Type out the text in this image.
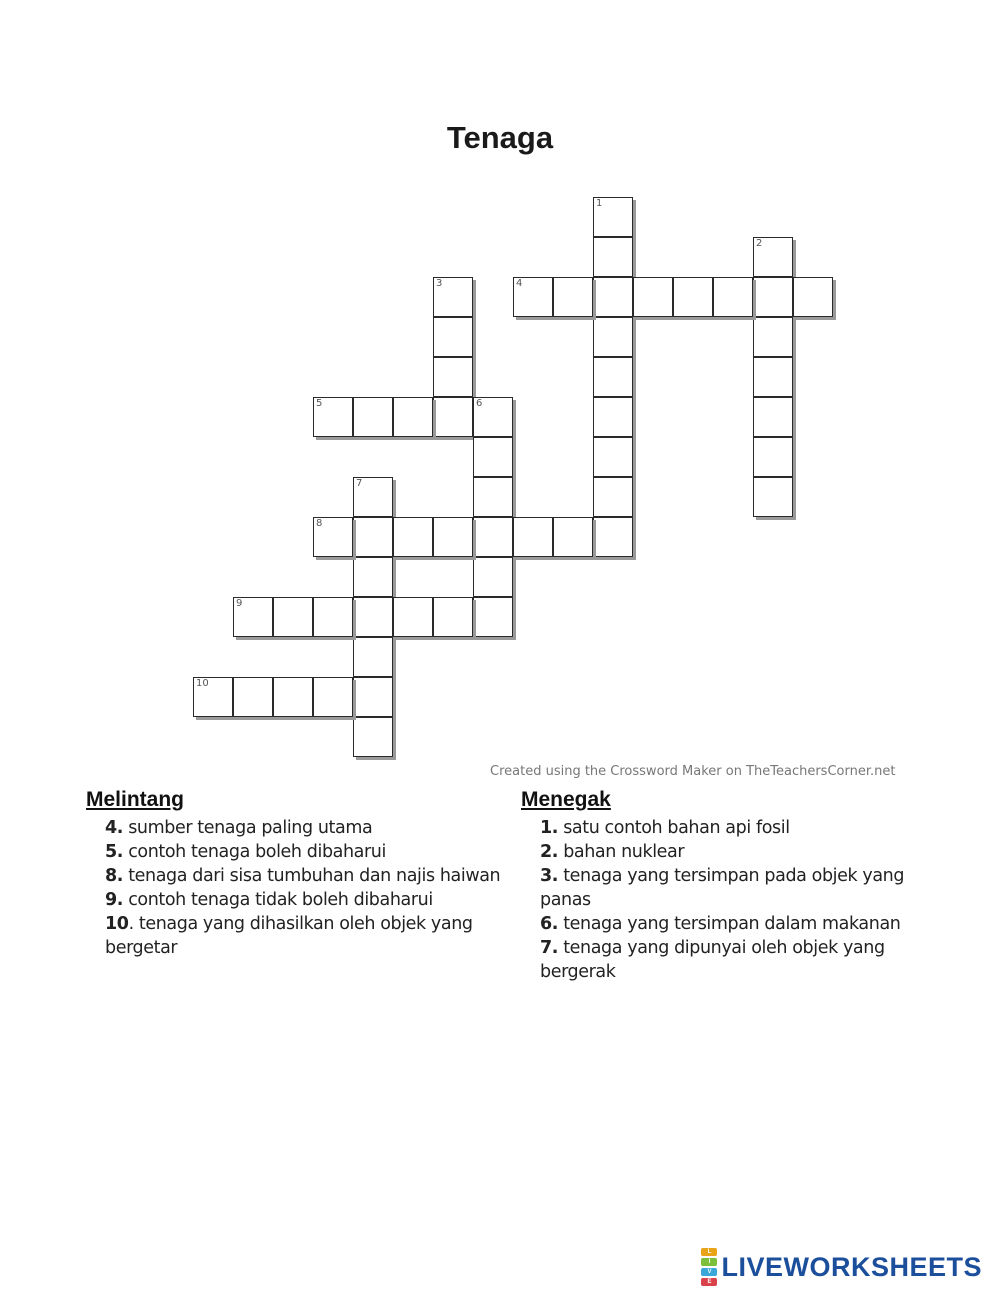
Tenaga
1
2
3	4
5	6
7
8
9
10
Created using the Crossword Maker on TheTeachersCorner.net
Melintang
4. sumber tenaga paling utama
5. contoh tenaga boleh dibaharui
8. tenaga dari sisa tumbuhan dan najis haiwan
9. contoh tenaga tidak boleh dibaharui
10. tenaga yang dihasilkan oleh objek yang bergetar
Menegak
1. satu contoh bahan api fosil
2. bahan nuklear
3. tenaga yang tersimpan pada objek yang panas
6. tenaga yang tersimpan dalam makanan
7. tenaga yang dipunyai oleh objek yang bergerak
L
I
V
E
LIVEWORKSHEETS
